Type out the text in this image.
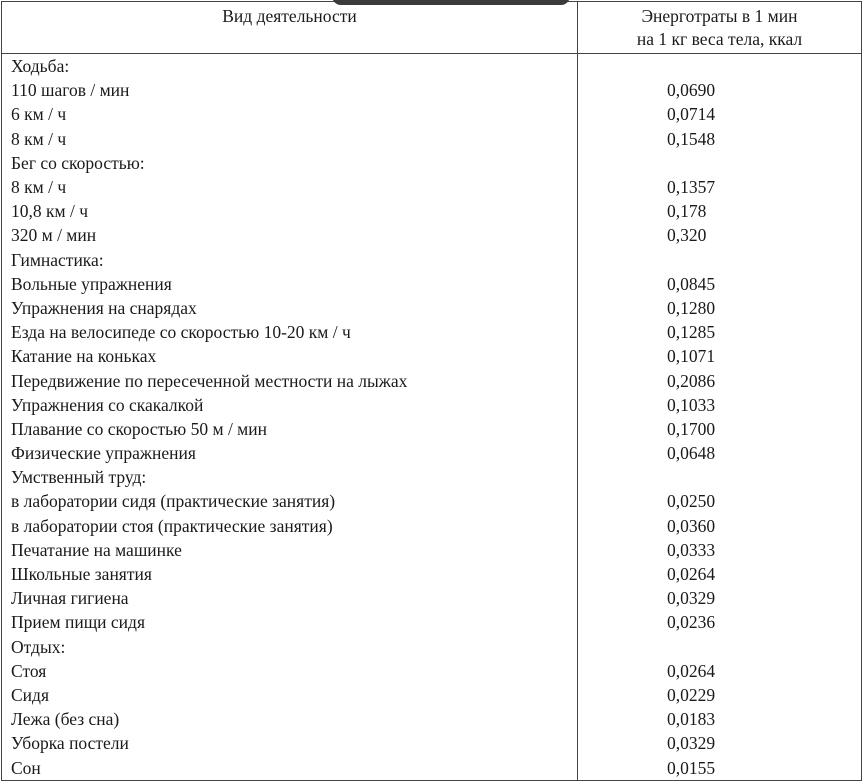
Вид деятельности	Энерготраты в 1 мин
на 1 кг веса тела, ккал

Ходьба:	
110 шагов / мин	0,0690
6 км / ч	0,0714
8 км / ч	0,1548
Бег со скоростью:	
8 км / ч	0,1357
10,8 км / ч	0,178
320 м / мин	0,320
Гимнастика:	
Вольные упражнения	0,0845
Упражнения на снарядах	0,1280
Езда на велосипеде со скоростью 10-20 км / ч	0,1285
Катание на коньках	0,1071
Передвижение по пересеченной местности на лыжах	0,2086
Упражнения со скакалкой	0,1033
Плавание со скоростью 50 м / мин	0,1700
Физические упражнения	0,0648
Умственный труд:	
в лаборатории сидя (практические занятия)	0,0250
в лаборатории стоя (практические занятия)	0,0360
Печатание на машинке	0,0333
Школьные занятия	0,0264
Личная гигиена	0,0329
Прием пищи сидя	0,0236
Отдых:	
Стоя	0,0264
Сидя	0,0229
Лежа (без сна)	0,0183
Уборка постели	0,0329
Сон	0,0155
